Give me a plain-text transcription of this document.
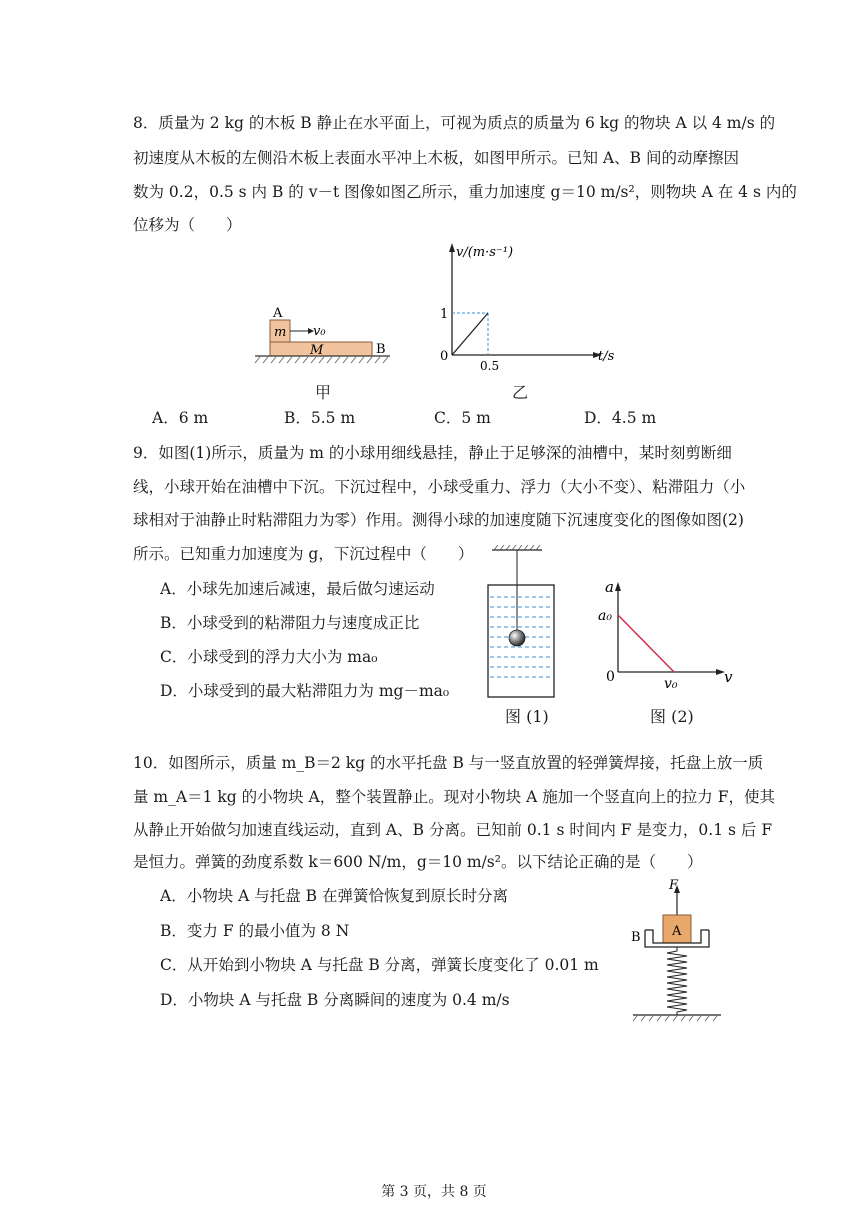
8．质量为 2 kg 的木板 B 静止在水平面上，可视为质点的质量为 6 kg 的物块 A 以 4 m/s 的
初速度从木板的左侧沿木板上表面水平冲上木板，如图甲所示。已知 A、B 间的动摩擦因
数为 0.2，0.5 s 内 B 的 v－t 图像如图乙所示，重力加速度 g＝10 m/s²，则物块 A 在 4 s 内的
位移为（　　）
A
m v₀
M	B
甲
v/(m·s⁻¹)
t/s
1
0.5
0
乙
A．6 m	B．5.5 m	C．5 m	D．4.5 m
9．如图(1)所示，质量为 m 的小球用细线悬挂，静止于足够深的油槽中，某时刻剪断细
线，小球开始在油槽中下沉。下沉过程中，小球受重力、浮力（大小不变）、粘滞阻力（小
球相对于油静止时粘滞阻力为零）作用。测得小球的加速度随下沉速度变化的图像如图(2)
所示。已知重力加速度为 g，下沉过程中（　　）
A．小球先加速后减速，最后做匀速运动
B．小球受到的粘滞阻力与速度成正比
C．小球受到的浮力大小为 ma₀
D．小球受到的最大粘滞阻力为 mg－ma₀
图 (1)
a
v
a₀
v₀
0
图 (2)
10．如图所示，质量 m_B＝2 kg 的水平托盘 B 与一竖直放置的轻弹簧焊接，托盘上放一质
量 m_A＝1 kg 的小物块 A，整个装置静止。现对小物块 A 施加一个竖直向上的拉力 F，使其
从静止开始做匀加速直线运动，直到 A、B 分离。已知前 0.1 s 时间内 F 是变力，0.1 s 后 F
是恒力。弹簧的劲度系数 k＝600 N/m，g＝10 m/s²。以下结论正确的是（　　）
A．小物块 A 与托盘 B 在弹簧恰恢复到原长时分离
B．变力 F 的最小值为 8 N
C．从开始到小物块 A 与托盘 B 分离，弹簧长度变化了 0.01 m
D．小物块 A 与托盘 B 分离瞬间的速度为 0.4 m/s
F
A
B
第 3 页，共 8 页
